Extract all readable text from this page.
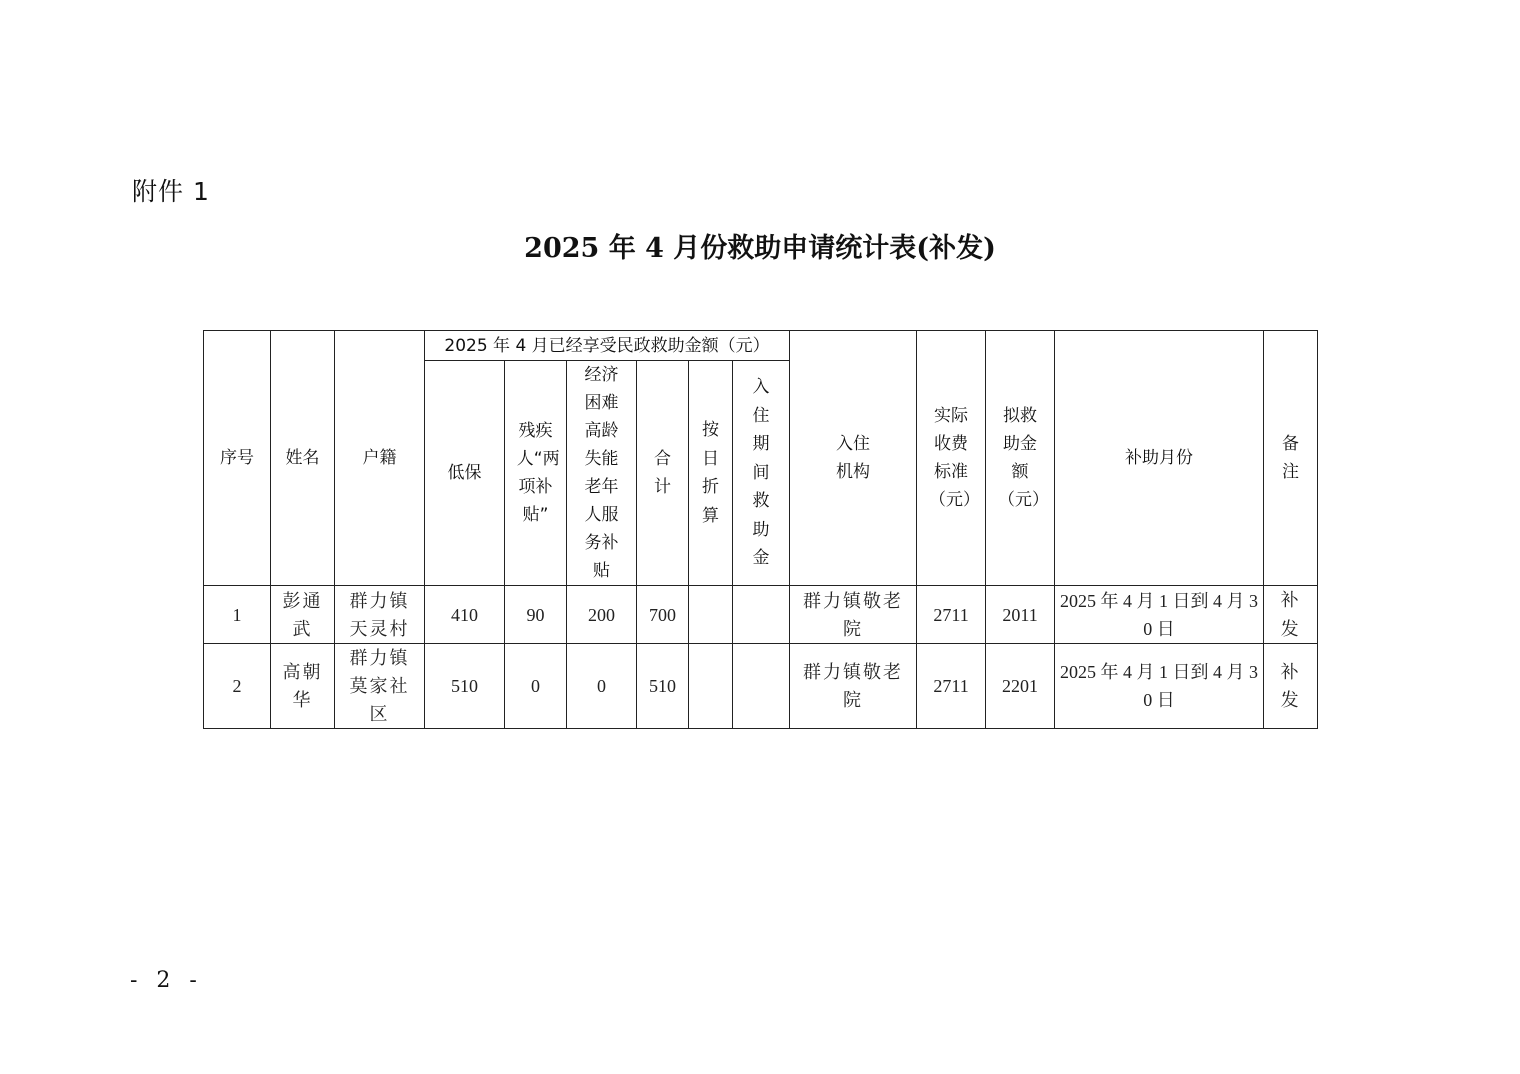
附件 1
2025 年 4 月份救助申请统计表(补发)
序号	姓名	户籍	2025 年 4 月已经享受民政救助金额（元）						入住机构	实际收费标准（元）	拟救助金额（元）	补助月份	备注
			低保	残疾人“两项补贴”	经济困难高龄失能老年人服务补贴	合计	按日折算	入住期间救助金					
1	彭通武	群力镇天灵村	410	90	200	700			群力镇敬老院	2711	2011	2025 年 4 月 1 日到 4 月 30 日	补发
2	高朝华	群力镇莫家社区	510	0	0	510			群力镇敬老院	2711	2201	2025 年 4 月 1 日到 4 月 30 日	补发
- 2 -
